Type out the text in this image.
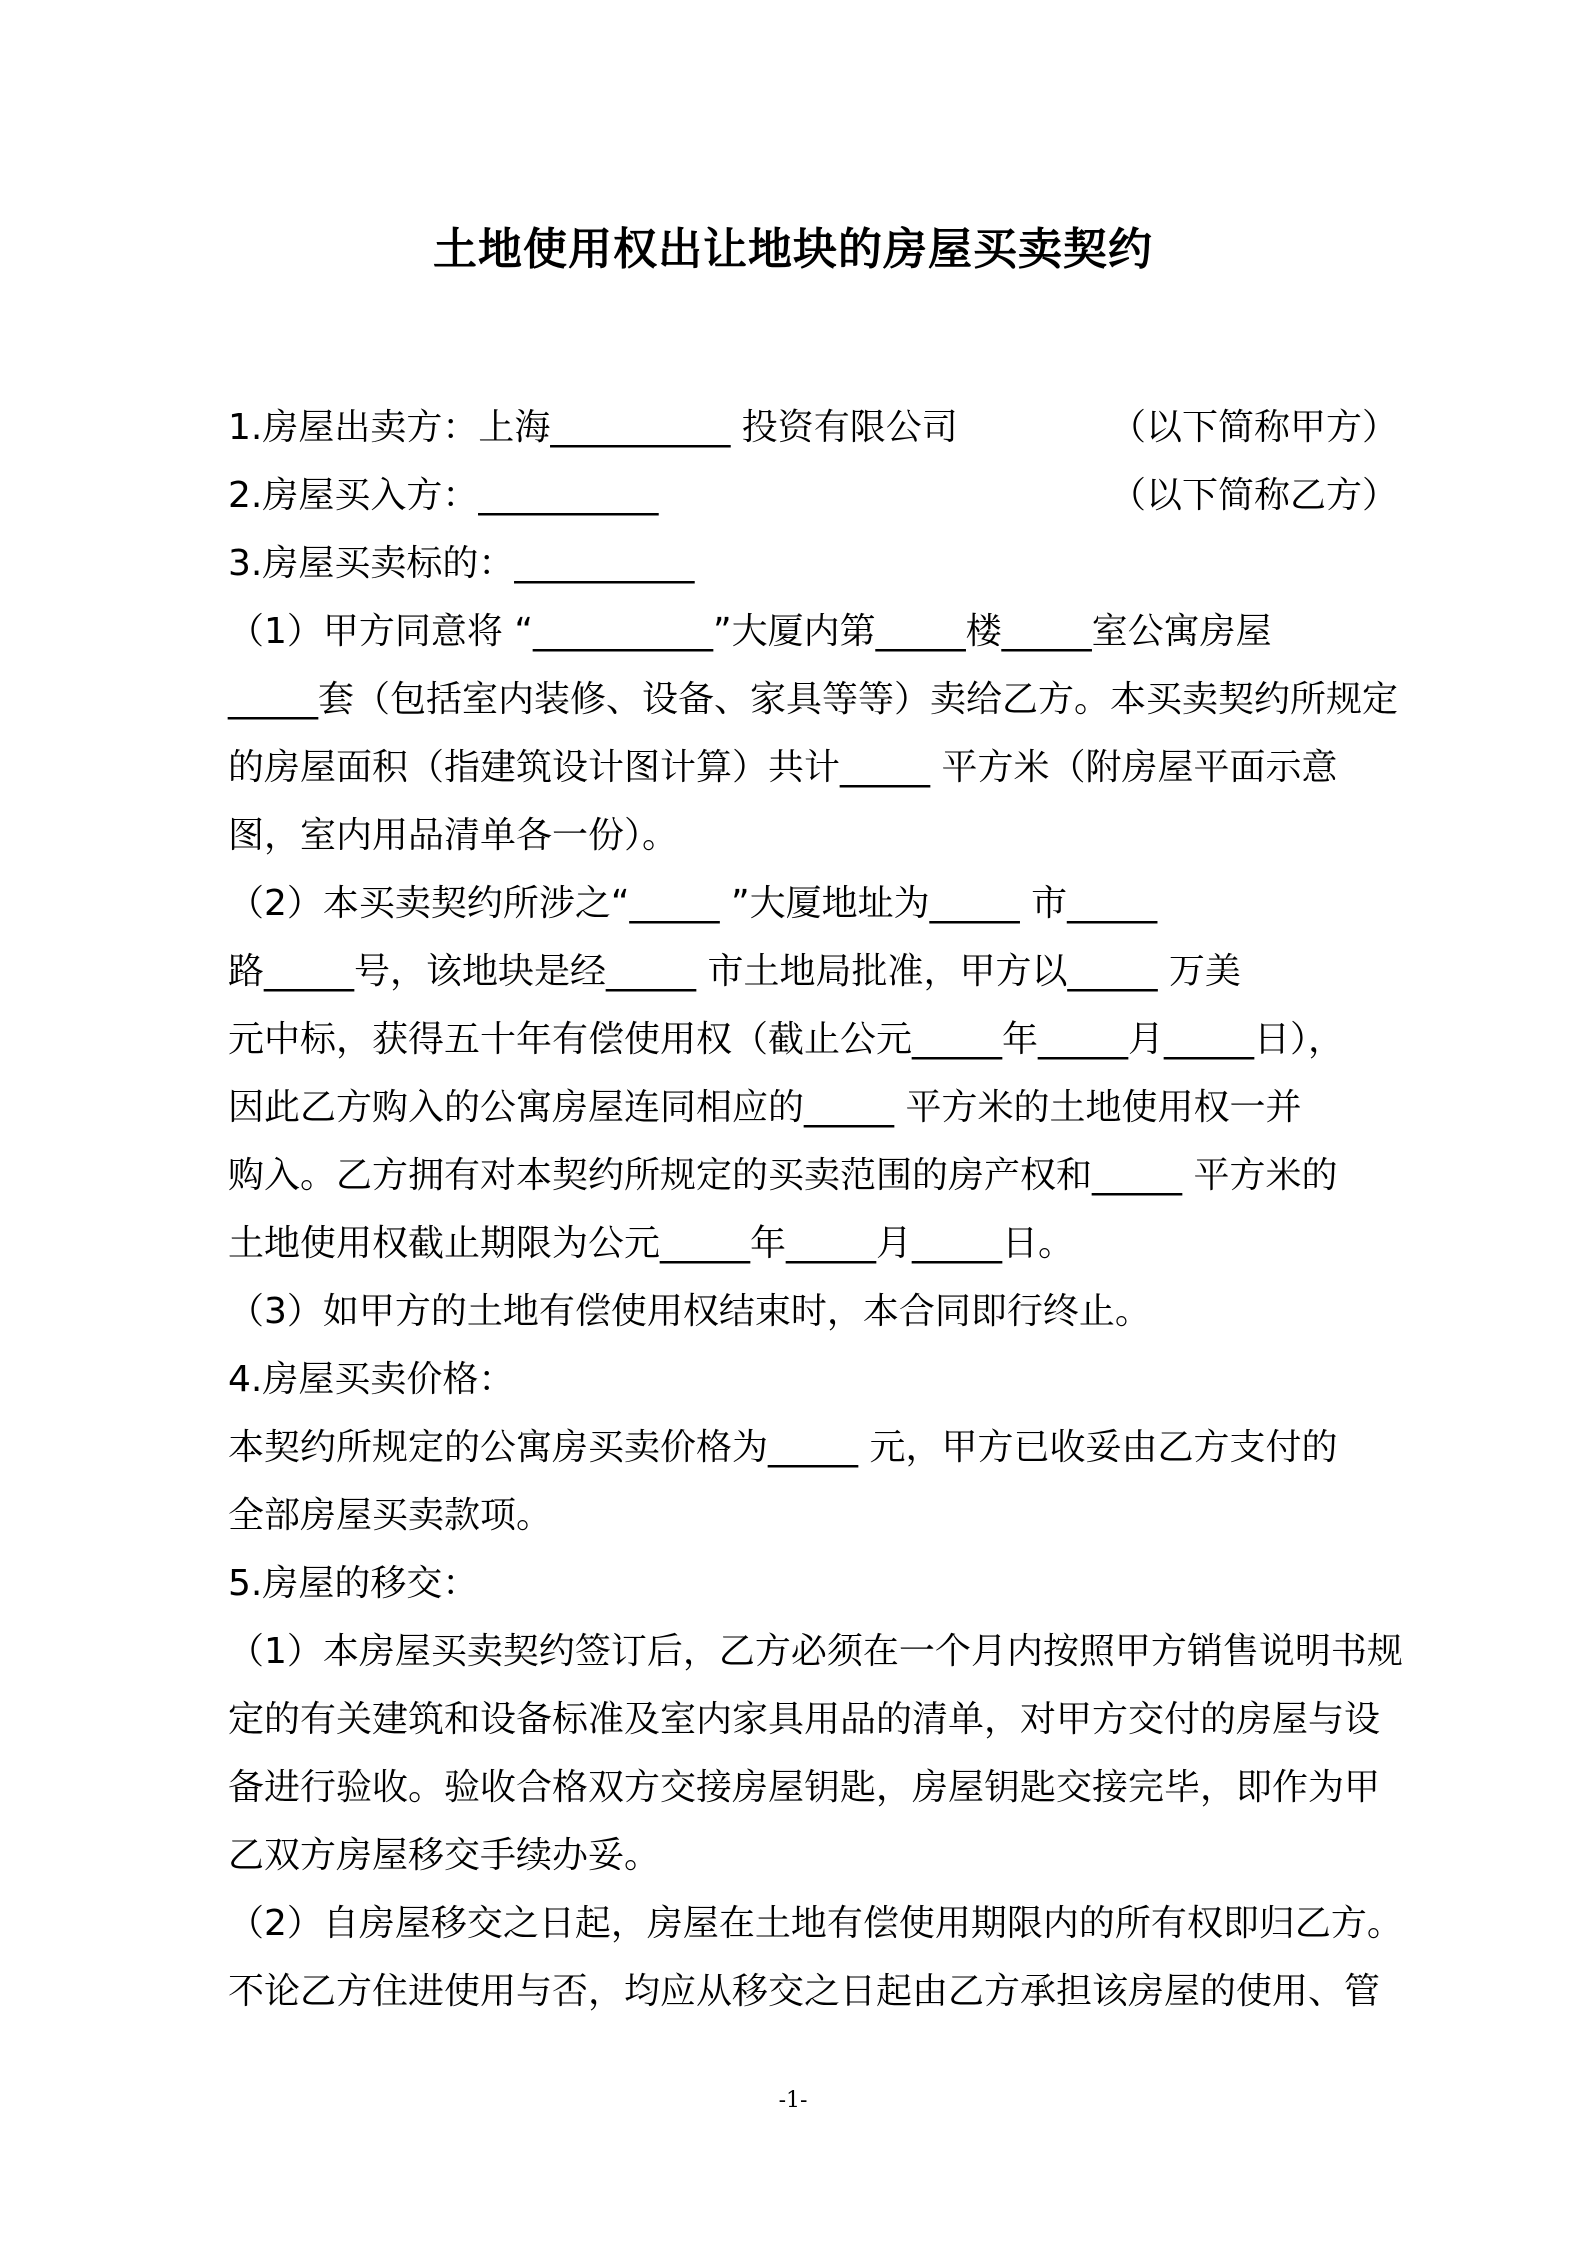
土地使用权出让地块的房屋买卖契约
1.房屋出卖方：上海__________ 投资有限公司	（以下简称甲方）
2.房屋买入方：__________	（以下简称乙方）
3.房屋买卖标的：__________
（1）甲方同意将 “__________”大厦内第_____楼_____室公寓房屋
_____套（包括室内装修、设备、家具等等）卖给乙方。本买卖契约所规定
的房屋面积（指建筑设计图计算）共计_____ 平方米（附房屋平面示意
图，室内用品清单各一份）。
（2）本买卖契约所涉之“_____ ”大厦地址为_____ 市_____
路_____号，该地块是经_____ 市土地局批准，甲方以_____ 万美
元中标，获得五十年有偿使用权（截止公元_____年_____月_____日），
因此乙方购入的公寓房屋连同相应的_____ 平方米的土地使用权一并
购入。乙方拥有对本契约所规定的买卖范围的房产权和_____ 平方米的
土地使用权截止期限为公元_____年_____月_____日。
（3）如甲方的土地有偿使用权结束时，本合同即行终止。
4.房屋买卖价格：
本契约所规定的公寓房买卖价格为_____ 元，甲方已收妥由乙方支付的
全部房屋买卖款项。
5.房屋的移交：
（1）本房屋买卖契约签订后，乙方必须在一个月内按照甲方销售说明书规
定的有关建筑和设备标准及室内家具用品的清单，对甲方交付的房屋与设
备进行验收。验收合格双方交接房屋钥匙，房屋钥匙交接完毕，即作为甲
乙双方房屋移交手续办妥。
（2）自房屋移交之日起，房屋在土地有偿使用期限内的所有权即归乙方。
不论乙方住进使用与否，均应从移交之日起由乙方承担该房屋的使用、管
-1-
